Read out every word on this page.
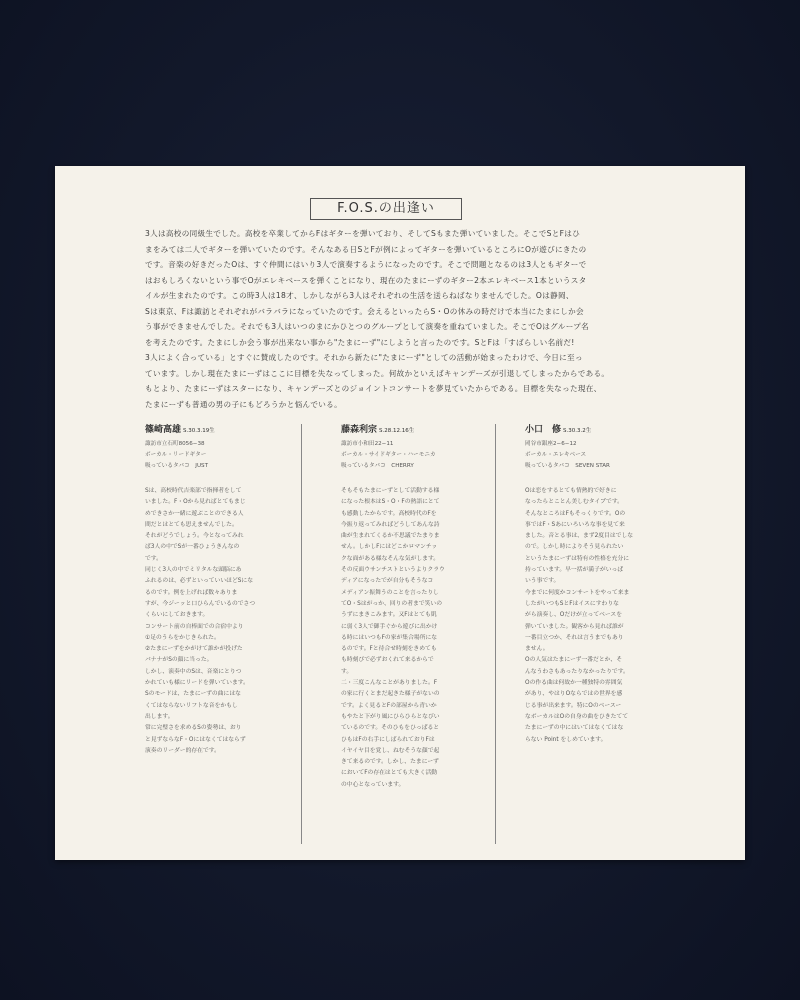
F.O.S.の出逢い

3人は高校の同級生でした。高校を卒業してからFはギターを弾いており、そしてSもまた弾いていました。そこでSとFはひ
まをみては二人でギターを弾いていたのです。そんなある日SとFが例によってギターを弾いているところにOが遊びにきたの
です。音楽の好きだったOは、すぐ仲間にはいり3人で演奏するようになったのです。そこで問題となるのは3人ともギターで
はおもしろくないという事でOがエレキベースを弾くことになり、現在のたまにーずのギター2本エレキベース1本というスタ
イルが生まれたのです。この時3人は18才、しかしながら3人はそれぞれの生活を送らねばなりませんでした。Oは静岡、
Sは東京、Fは諏訪とそれぞれがバラバラになっていたのです。会えるといったらS・Oの休みの時だけで本当にたまにしか会
う事ができませんでした。それでも3人はいつのまにかひとつのグループとして演奏を重ねていました。そこでOはグループ名
を考えたのです。たまにしか会う事が出来ない事から"たまにーず"にしようと言ったのです。SとFは「すばらしい名前だ!
3人によく合っている」とすぐに賛成したのです。それから新たに"たまにーず"としての活動が始まったわけで、今日に至っ
ています。しかし現在たまにーずはここに目標を失なってしまった。何故かといえばキャンデーズが引退してしまったからである。
もとより、たまにーずはスターになり、キャンデーズとのジョイントコンサートを夢見ていたからである。目標を失なった現在、
たまにーずも普通の男の子にもどろうかと悩んでいる。

篠崎高雄 S.30.3.19生

諏訪市立石町8056−38
ボーカル・リードギター
吸っているタバコ　JUST

Sは、高校時代吉楽部で指揮者をして
いました。F・Oから見ればとてもまじ
めできさか一緒に遊ぶことのできる人
間だとはとても思えませんでした。
それがどうでしょう。今となってみれ
ば3人の中でSが一番ひょうきんなの
です。
同じく3人の中でミリタルな頭脳にあ
ふれるのは、必ずといっていいほどSにな
るのです。例を上げれば数々ありま
すが、今ジーッと口ひらんでいるのでさつ
くらいにしておきます。
コンサート前の自棒面での合宿中より
①足のうらをかじきられた。
②たまにーずをかがけて誰かが投げた
バナナがSの顔に当った。
しかし、演奏中のSは、音楽にとりつ
かれていも様にリードを弾いています。
Sのモードは、たまにーずの曲にはな
くてはならないリフトな音をかもし
出します。
常に完璧さを求めるSの姿勢は、おり
と見ずならなF・Oにはなくてはならず
演奏のリーダー的存在です。

藤森利宗 S.28.12.16生

諏訪市小和田22−11
ボーカル・サイドギター・ハーモニカ
吸っているタバコ　CHERRY

そもそもたまにーずとして活動する様
になった根本はS・O・Fの熱語にとて
も感動したからです。高校時代のFを
今振り返ってみればどうしてあんな詩
曲が生まれてくるか不思議でたまりま
せん。しかしFにはどこかロマンチッ
クな面がある様なそんな気がします。
その反面ウサンチストというよりクラウ
ディアになったでが自分もそうなコ
メディアン振舞うのことを言ったりし
てO・Sはがっか、回りの者まで笑いの
うずにまきこみます。又Fはとても肌
に弱く3人で御手ぐから遊びに出かけ
る時にはいつもFの家が集合場所にな
るのです。Fと待合せ時刻をきめても
も時刻ぴで必ずおくれて来るからで
す。
二・三度こんなことがありました。F
の家に行くとまだ起きた様子がないの
です。よく見るとFの部屋から青いか
もやたと下がり風にひらひらとなびい
ているのです。そのひもをひっぱると
ひもはFの右手にしばられておりFは
イヤイヤ目を覚し、ねむそうな顔で起
きて来るのです。しかし、たまにーず
においてFの存在はとても大きく活動
の中心となっています。

小口　修 S.30.3.2生

岡谷市銀座2−6−12
ボーカル・エレキベース
吸っているタバコ　SEVEN STAR

Oは恋をするとても情熱的で好きに
なったらとことん美しむタイプです。
そんなところはFもそっくりです。Oの
事ではF・Sあにいろいろな事を見て来
ました。音とる事は、まず2度目はでしな
ので。しかし時によりそう見られたい
というたまにーずは特有の性格を充分に
持っています。早一括が満子がいっぱ
いう事です。
今までに何度かコンサートをやって来ま
したがいつもSとFはイスにすわりな
がら演奏し、Oだけが立ってベースを
弾いていました。観客から見れば誰が
一番目立つか、それは言うまでもあり
ません。
Oの人気はたまにーず一番だとか、そ
んなうわさもあったりなかったりです。
Oの作る曲は何故か一種独特の雰囲気
があり、やはりOならではの世界を感
じる事が出来ます。特にOのベースー
なボーカルはOの自身の曲をひきたてて
たまにーずの中にはいてはなくてはな
らない Point をしめています。
